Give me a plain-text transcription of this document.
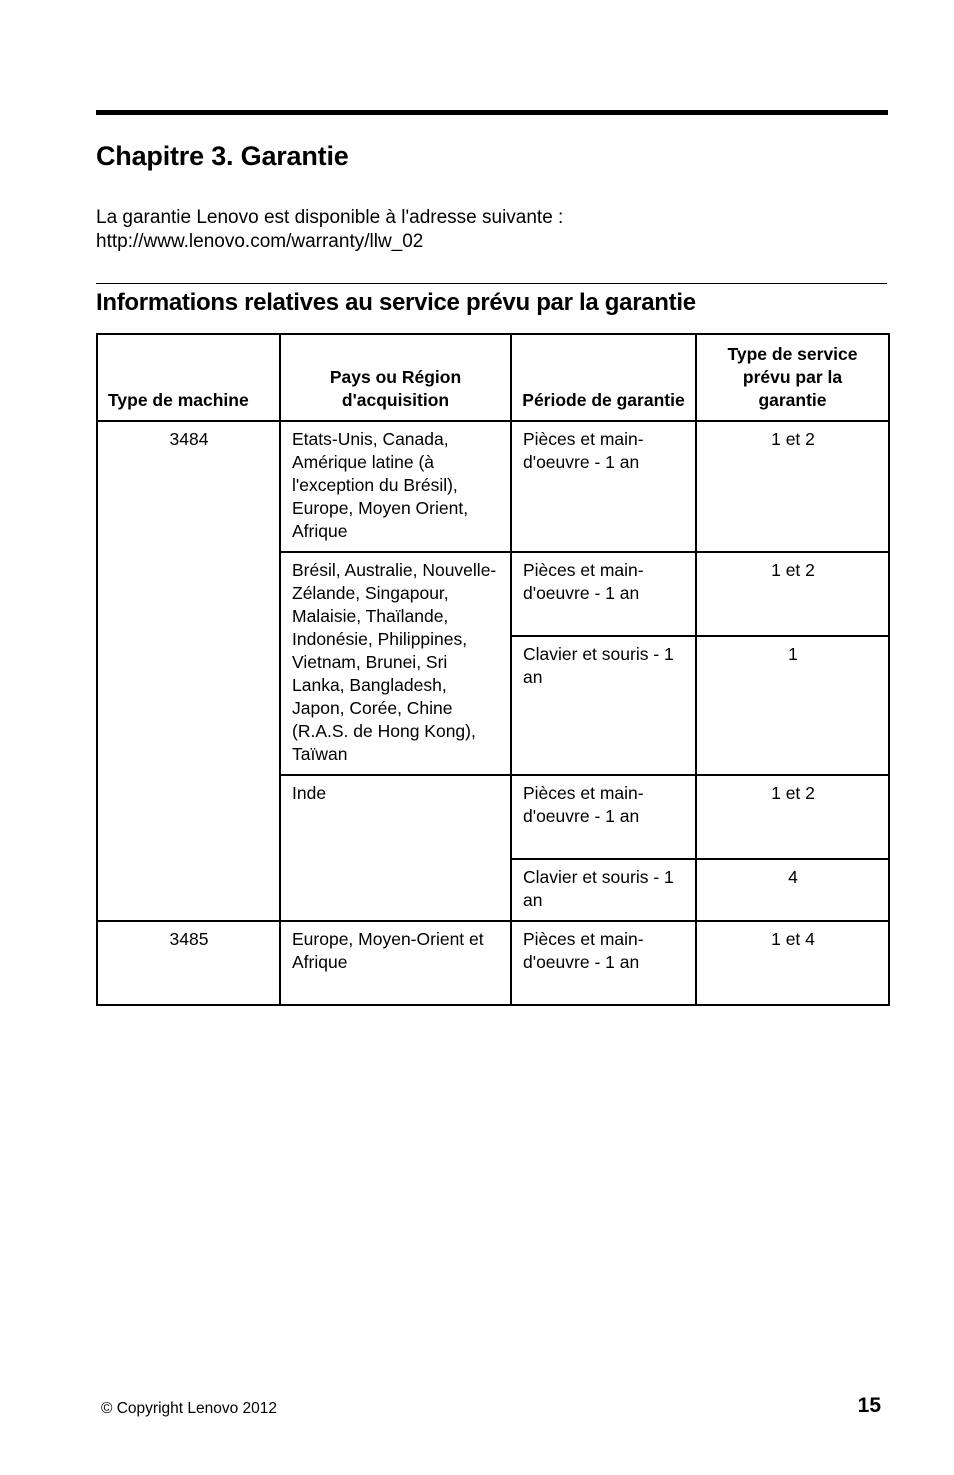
Chapitre 3. Garantie
La garantie Lenovo est disponible à l'adresse suivante :
http://www.lenovo.com/warranty/llw_02
Informations relatives au service prévu par la garantie
Type de machine	Pays ou Région d'acquisition	Période de garantie	Type de service prévu par la garantie
3484	Etats-Unis, Canada, Amérique latine (à l'exception du Brésil), Europe, Moyen Orient, Afrique	Pièces et main-d'oeuvre - 1 an	1 et 2
	Brésil, Australie, Nouvelle-Zélande, Singapour, Malaisie, Thaïlande, Indonésie, Philippines, Vietnam, Brunei, Sri Lanka, Bangladesh, Japon, Corée, Chine (R.A.S. de Hong Kong), Taïwan	Pièces et main-d'oeuvre - 1 an	1 et 2
		Clavier et souris - 1 an	1
	Inde	Pièces et main-d'oeuvre - 1 an	1 et 2
		Clavier et souris - 1 an	4
3485	Europe, Moyen-Orient et Afrique	Pièces et main-d'oeuvre - 1 an	1 et 4
© Copyright Lenovo 2012	15
